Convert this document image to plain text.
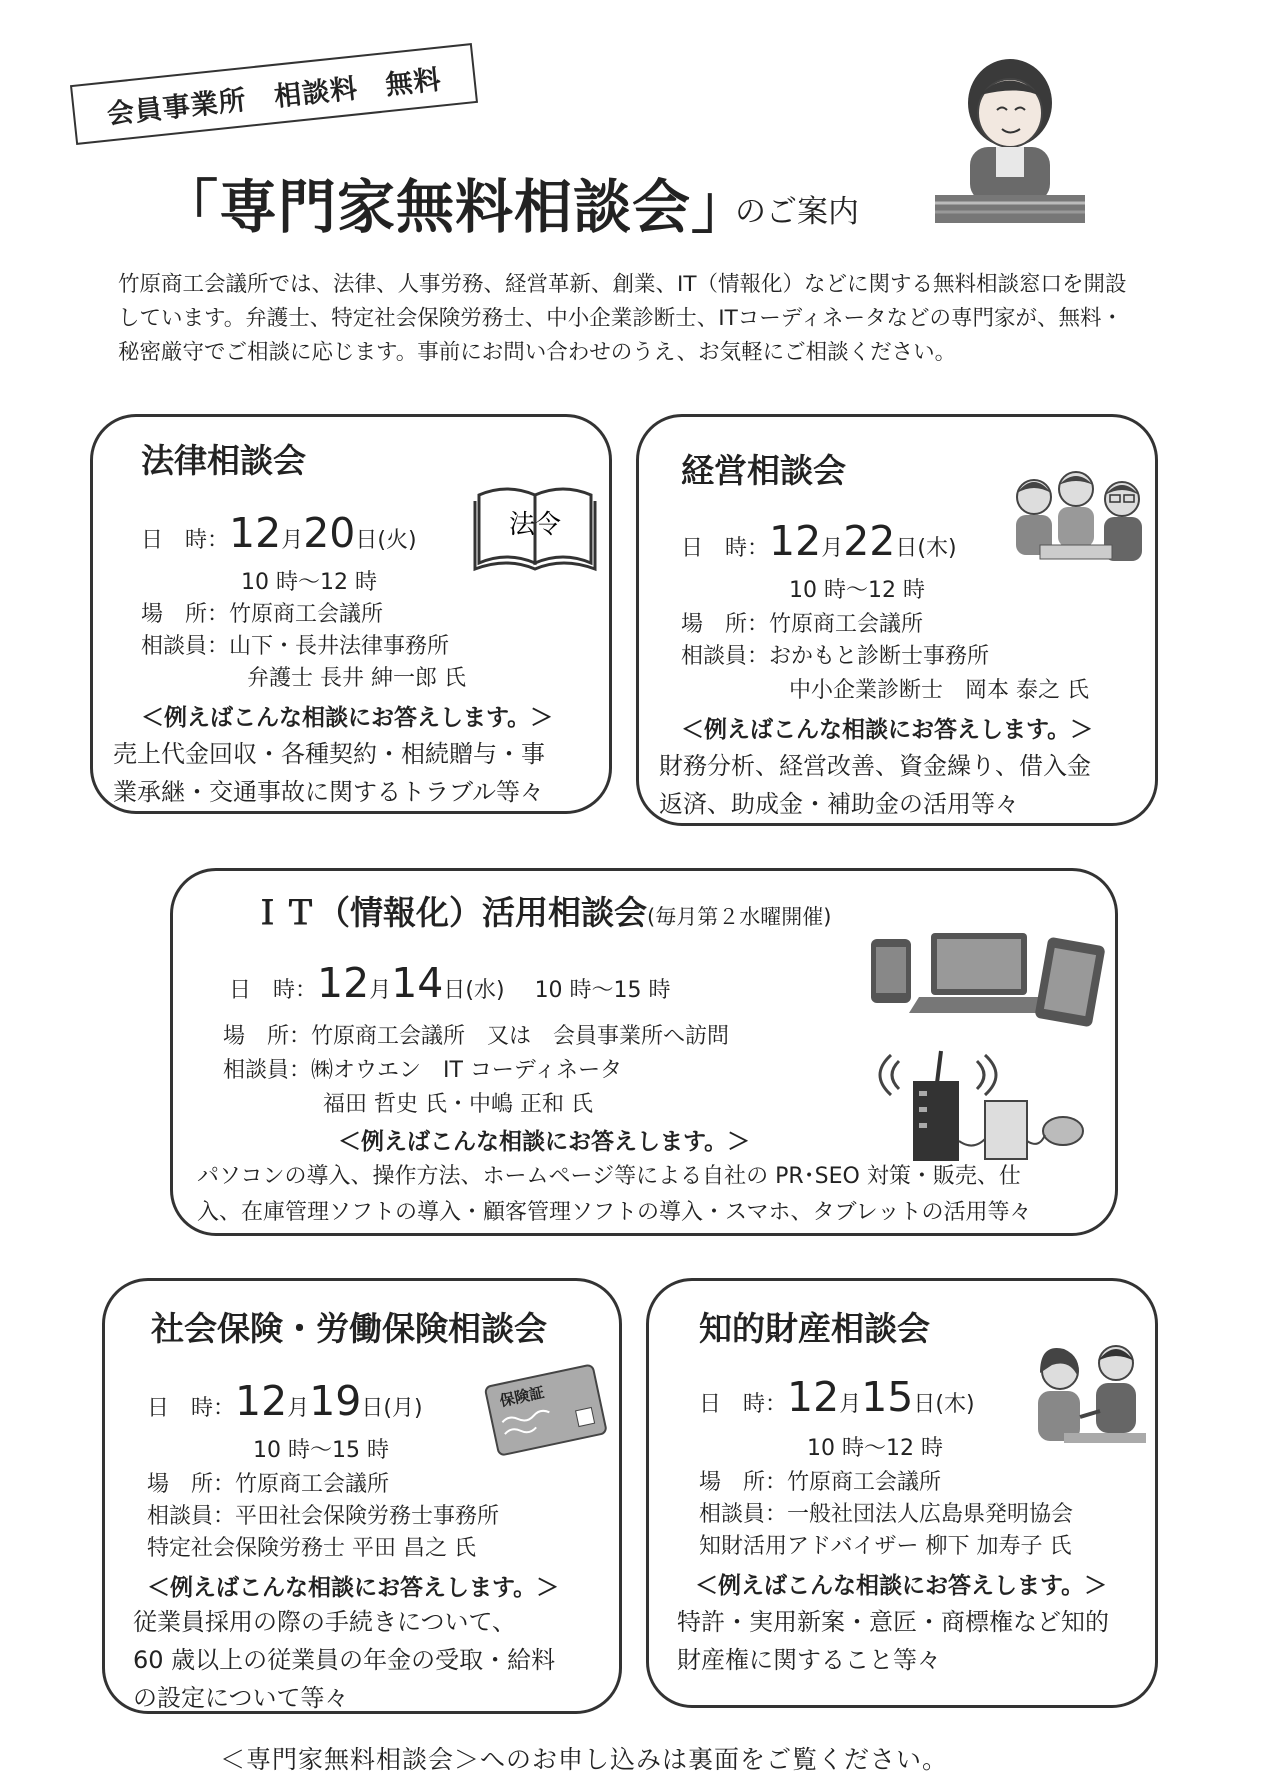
会員事業所　相談料　無料
「専門家無料相談会」
のご案内
竹原商工会議所では、法律、人事労務、経営革新、創業、IT（情報化）などに関する無料相談窓口を開設
しています。弁護士、特定社会保険労務士、中小企業診断士、ITコーディネータなどの専門家が、無料・
秘密厳守でご相談に応じます。事前にお問い合わせのうえ、お気軽にご相談ください。
法律相談会
日　時：12月20日(火)
10 時～12 時
場　所：竹原商工会議所
相談員：山下・長井法律事務所
弁護士 長井 紳一郎 氏
＜例えばこんな相談にお答えします。＞
売上代金回収・各種契約・相続贈与・事
業承継・交通事故に関するトラブル等々
法令
経営相談会
日　時：12月22日(木)
10 時～12 時
場　所：竹原商工会議所
相談員：おかもと診断士事務所
中小企業診断士　岡本 泰之 氏
＜例えばこんな相談にお答えします。＞
財務分析、経営改善、資金繰り、借入金
返済、助成金・補助金の活用等々
ＩＴ（情報化）活用相談会(毎月第２水曜開催)
日　時：12月14日(水) 10 時～15 時
場　所：竹原商工会議所　又は　会員事業所へ訪問
相談員：㈱オウエン　IT コーディネータ
福田 哲史 氏・中嶋 正和 氏
＜例えばこんな相談にお答えします。＞
パソコンの導入、操作方法、ホームページ等による自社の PR･SEO 対策・販売、仕
入、在庫管理ソフトの導入・顧客管理ソフトの導入・スマホ、タブレットの活用等々
社会保険・労働保険相談会
日　時：12月19日(月)
10 時～15 時
場　所：竹原商工会議所
相談員：平田社会保険労務士事務所
特定社会保険労務士 平田 昌之 氏
＜例えばこんな相談にお答えします。＞
従業員採用の際の手続きについて、
60 歳以上の従業員の年金の受取・給料
の設定について等々
保険証
知的財産相談会
日　時：12月15日(木)
10 時～12 時
場　所：竹原商工会議所
相談員：一般社団法人広島県発明協会
知財活用アドバイザー 柳下 加寿子 氏
＜例えばこんな相談にお答えします。＞
特許・実用新案・意匠・商標権など知的
財産権に関すること等々
＜専門家無料相談会＞へのお申し込みは裏面をご覧ください。
